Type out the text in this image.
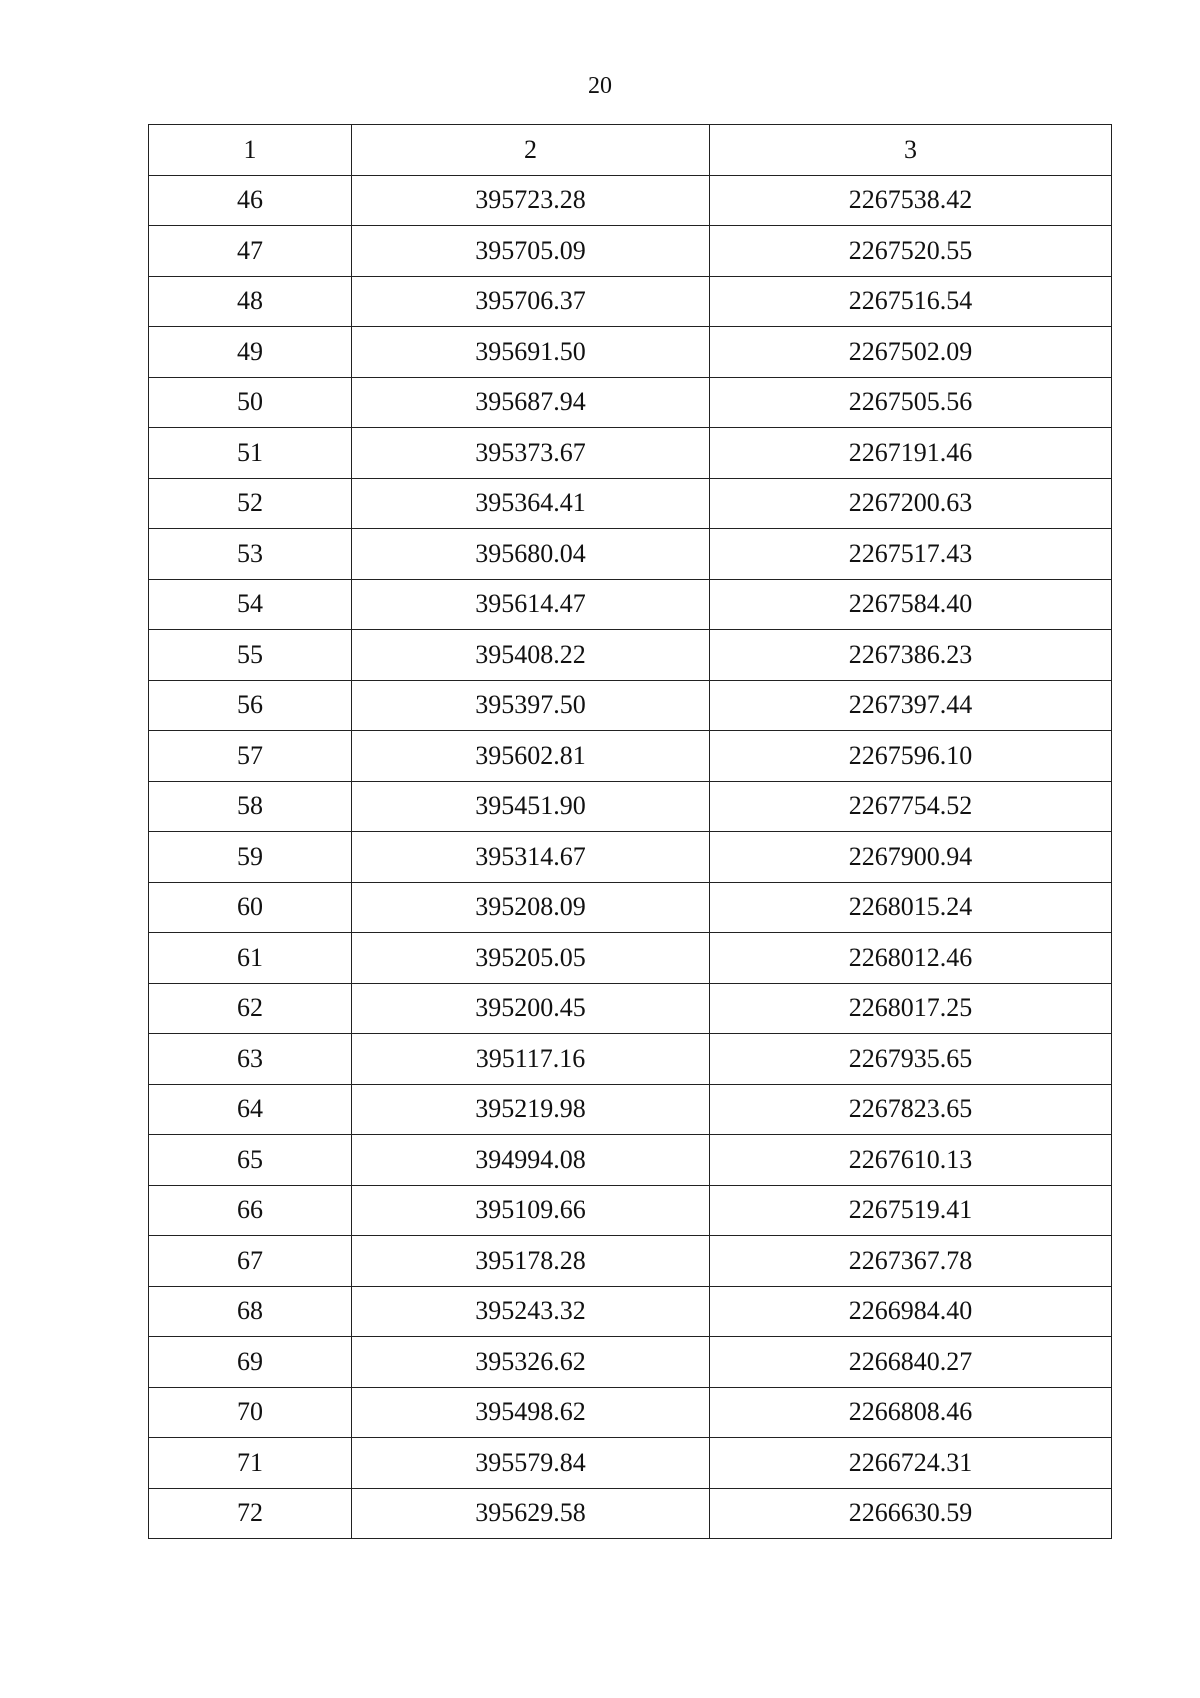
20
1	2	3
46	395723.28	2267538.42
47	395705.09	2267520.55
48	395706.37	2267516.54
49	395691.50	2267502.09
50	395687.94	2267505.56
51	395373.67	2267191.46
52	395364.41	2267200.63
53	395680.04	2267517.43
54	395614.47	2267584.40
55	395408.22	2267386.23
56	395397.50	2267397.44
57	395602.81	2267596.10
58	395451.90	2267754.52
59	395314.67	2267900.94
60	395208.09	2268015.24
61	395205.05	2268012.46
62	395200.45	2268017.25
63	395117.16	2267935.65
64	395219.98	2267823.65
65	394994.08	2267610.13
66	395109.66	2267519.41
67	395178.28	2267367.78
68	395243.32	2266984.40
69	395326.62	2266840.27
70	395498.62	2266808.46
71	395579.84	2266724.31
72	395629.58	2266630.59
